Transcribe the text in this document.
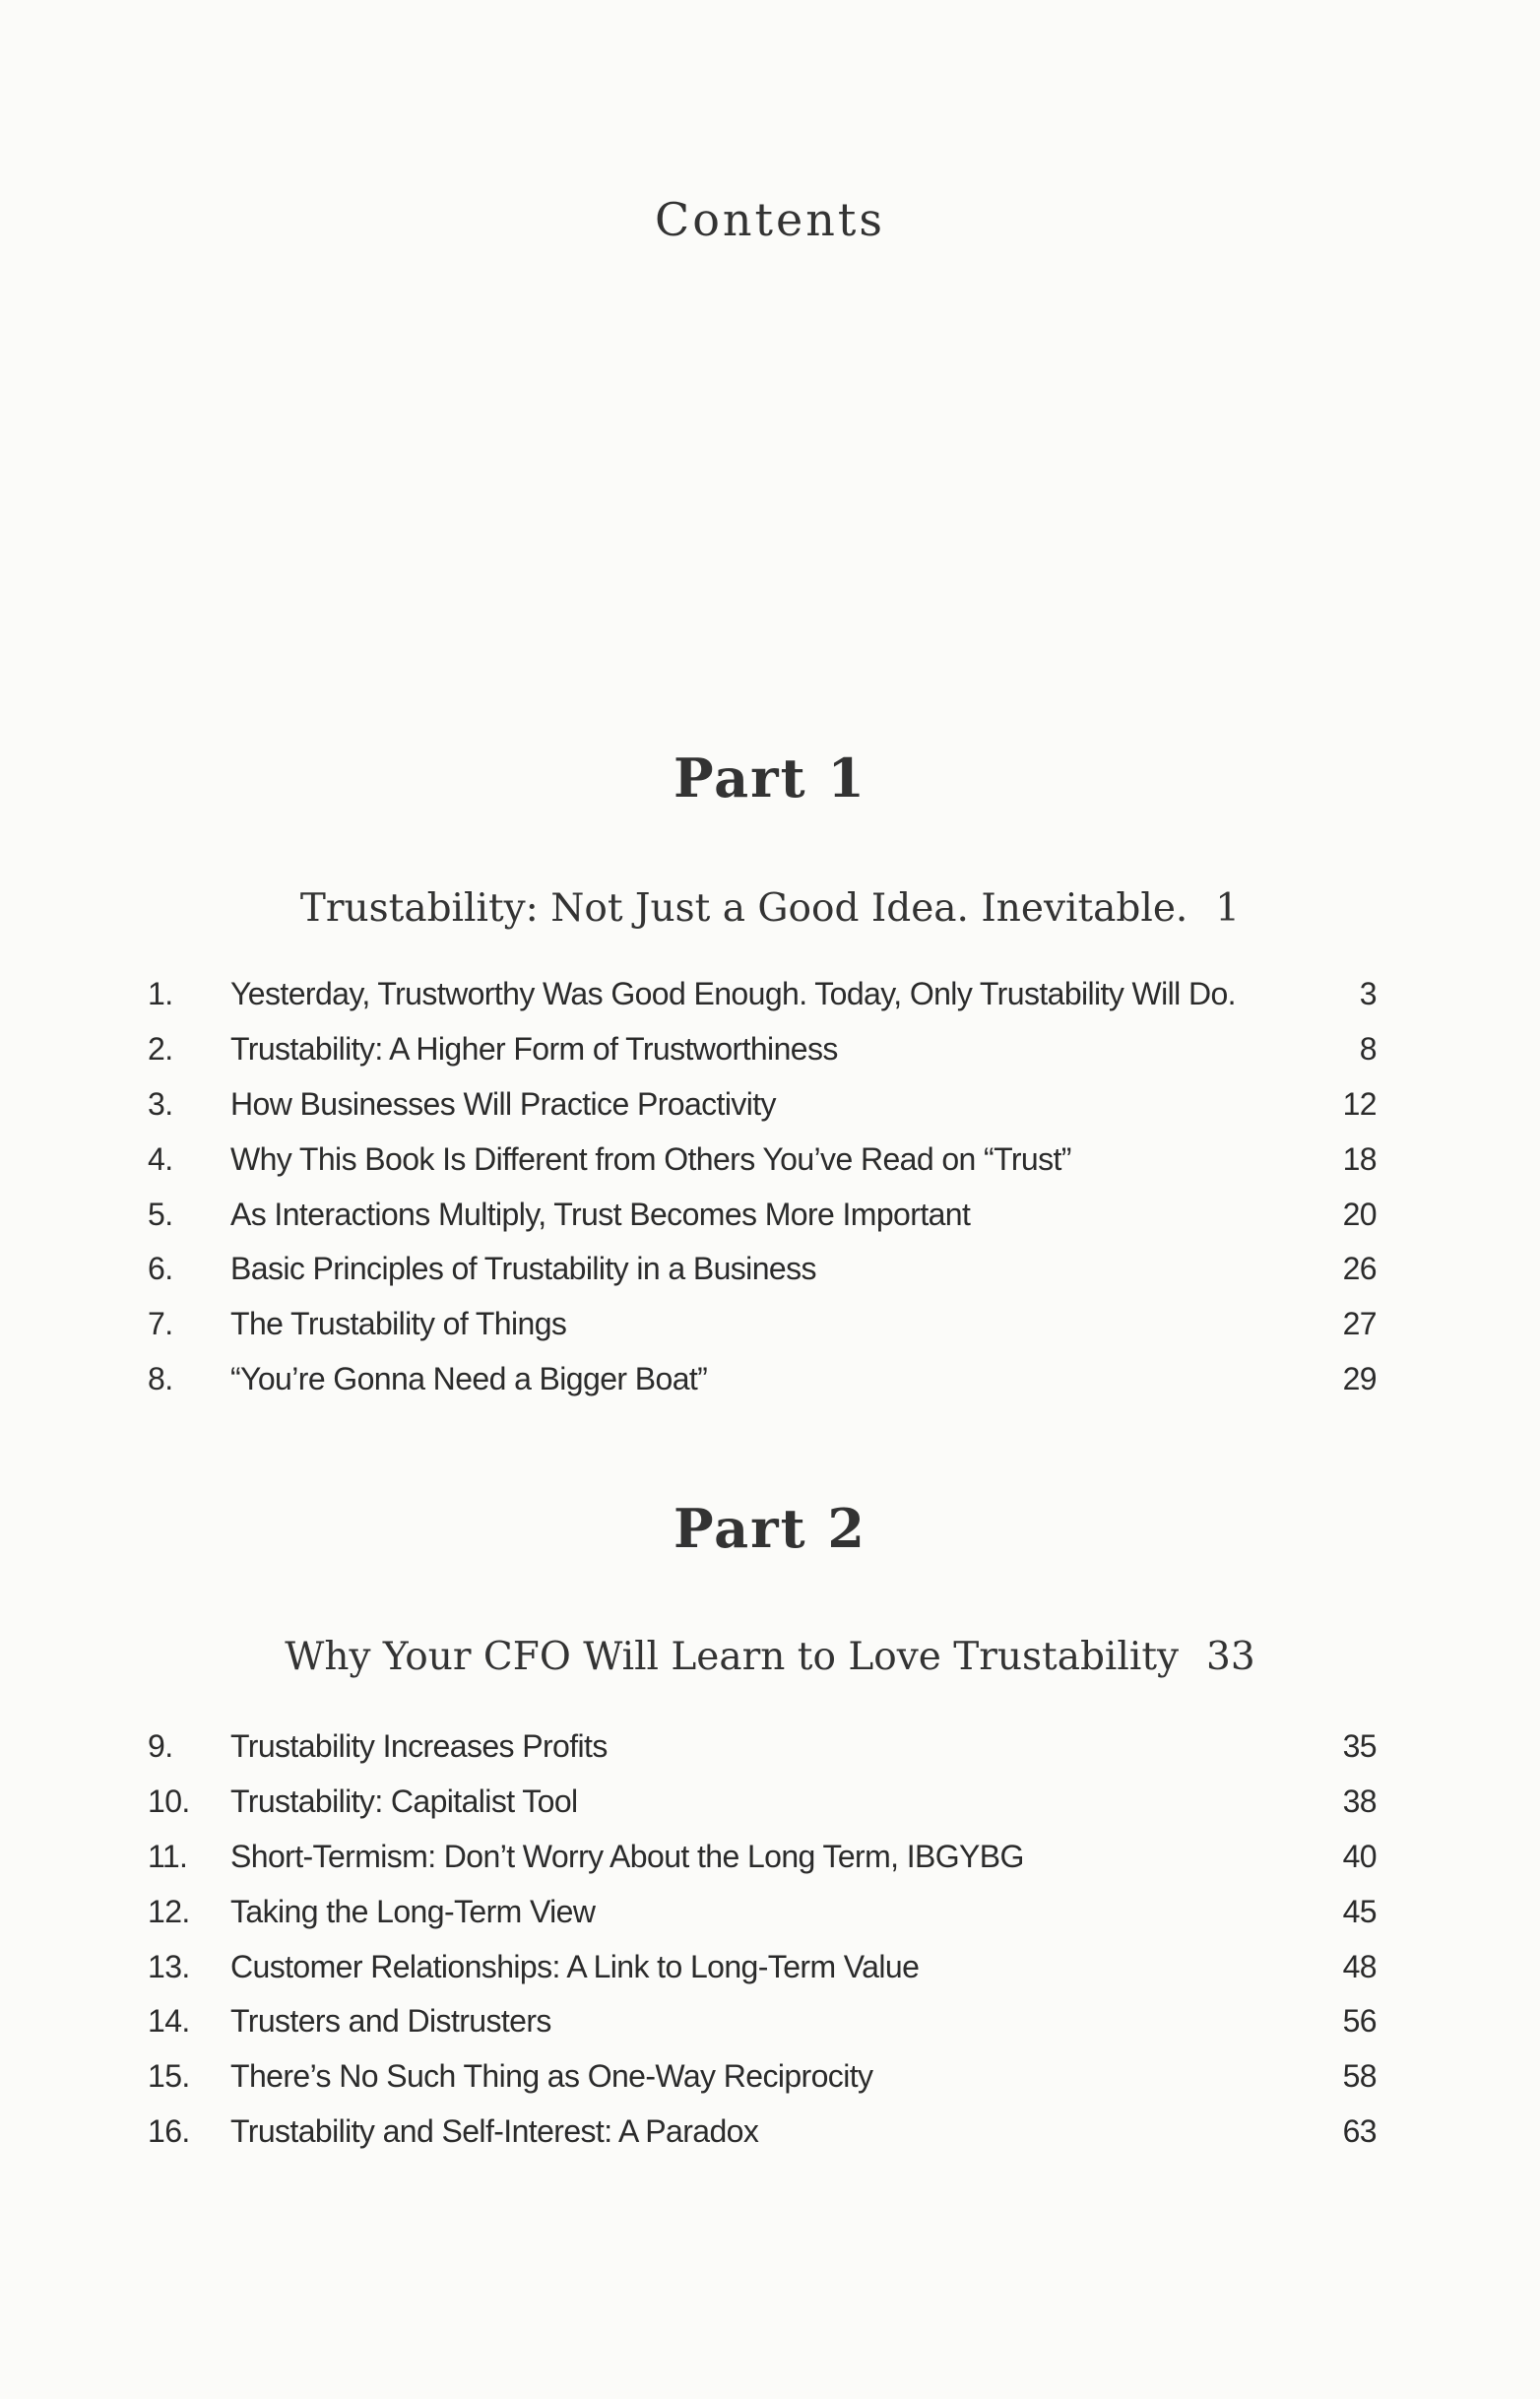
Contents
Part 1
Trustability: Not Just a Good Idea. Inevitable. 1
1.	Yesterday, Trustworthy Was Good Enough. Today, Only Trustability Will Do.	3
2.	Trustability: A Higher Form of Trustworthiness	8
3.	How Businesses Will Practice Proactivity	12
4.	Why This Book Is Different from Others You’ve Read on “Trust”	18
5.	As Interactions Multiply, Trust Becomes More Important	20
6.	Basic Principles of Trustability in a Business	26
7.	The Trustability of Things	27
8.	“You’re Gonna Need a Bigger Boat”	29
Part 2
Why Your CFO Will Learn to Love Trustability 33
9.	Trustability Increases Profits	35
10.	Trustability: Capitalist Tool	38
11.	Short-Termism: Don’t Worry About the Long Term, IBGYBG	40
12.	Taking the Long-Term View	45
13.	Customer Relationships: A Link to Long-Term Value	48
14.	Trusters and Distrusters	56
15.	There’s No Such Thing as One-Way Reciprocity	58
16.	Trustability and Self-Interest: A Paradox	63
